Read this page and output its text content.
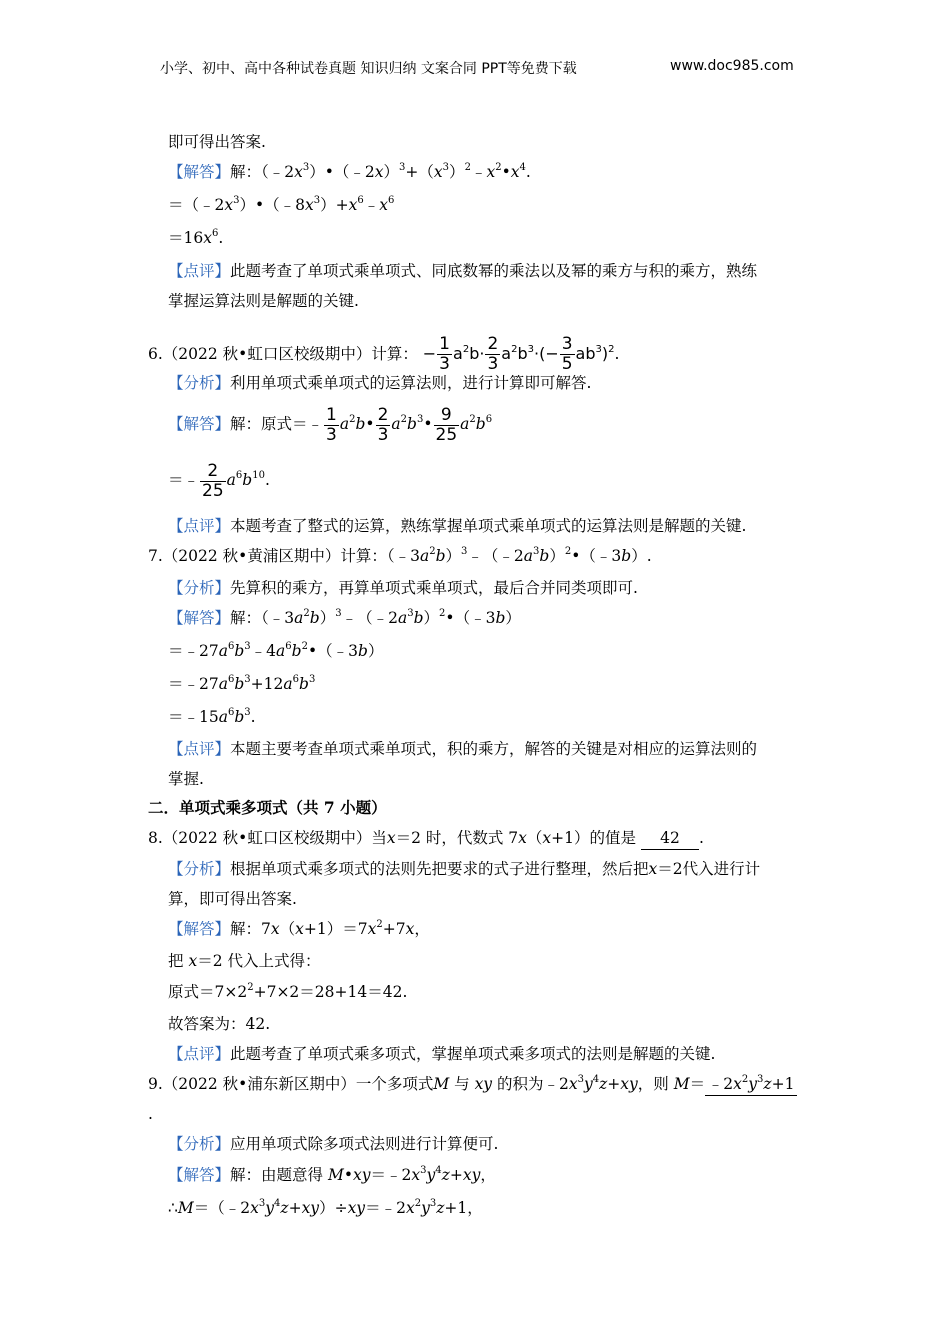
小学、初中、高中各种试卷真题 知识归纳 文案合同 PPT等免费下载	www.doc985.com
即可得出答案.
【解答】解：$(﹣2x^3)•(﹣2x)^3+(x^3)^2﹣x^2•x^4$.
$=(﹣2x^3)•(﹣8x^3)+x^6﹣x^6$
$=16x^6$.
【点评】此题考查了单项式乘单项式、同底数幂的乘法以及幂的乘方与积的乘方，熟练
掌握运算法则是解题的关键.
6.（2022 秋•虹口区校级期中）计算： − $\frac{1}{3} a^2b\cdot \frac{2}{3} a^2b^3\cdot(- \frac{3}{5} ab^3)^2$.
【分析】利用单项式乘单项式的运算法则，进行计算即可解答.
【解答】解：原式＝﹣ $\frac{1}{3}$ $a^2b• \frac{2}{3}$ $a^2b^3• \frac{9}{25} a^2b^6$
＝﹣ $\frac{2}{25} a^6b^{10}$.
【点评】本题考查了整式的运算，熟练掌握单项式乘单项式的运算法则是解题的关键.
7.（2022 秋•黄浦区期中）计算：$(﹣3a^2b)^3﹣(﹣2a^3b)^2•(﹣3b)$.
【分析】先算积的乘方，再算单项式乘单项式，最后合并同类项即可.
【解答】解：$(﹣3a^2b)^3﹣(﹣2a^3b)^2•(﹣3b)$
$=﹣27a^6b^3﹣4a^6b^2•(﹣3b)$
$=﹣27a^6b^3+12a^6b^3$
$=﹣15a^6b^3$.
【点评】本题主要考查单项式乘单项式，积的乘方，解答的关键是对相应的运算法则的
掌握.
二．单项式乘多项式（共 7 小题）
8.（2022 秋•虹口区校级期中）当x＝2 时，代数式 7x（x+1）的值是 42 .
【分析】根据单项式乘多项式的法则先把要求的式子进行整理，然后把x＝2代入进行计
算，即可得出答案.
【解答】解：$7x(x+1)=7x^2+7x$，
把 x＝2 代入上式得：
原式$=7\times 2^2+7\times 2=28+14=42$.
故答案为：42.
【点评】此题考查了单项式乘多项式，掌握单项式乘多项式的法则是解题的关键.
9.（2022 秋•浦东新区期中）一个多项式M 与 xy 的积为$﹣2x^3y^4z+xy$，则 $M= ﹣2x^2y^3z+1$
.
【分析】应用单项式除多项式法则进行计算便可.
【解答】解：由题意得 $M•xy=﹣2x^3y^4z+xy$，
$\therefore M=(﹣2x^3y^4z+xy)\div xy=﹣2x^2y^3z+1$，
